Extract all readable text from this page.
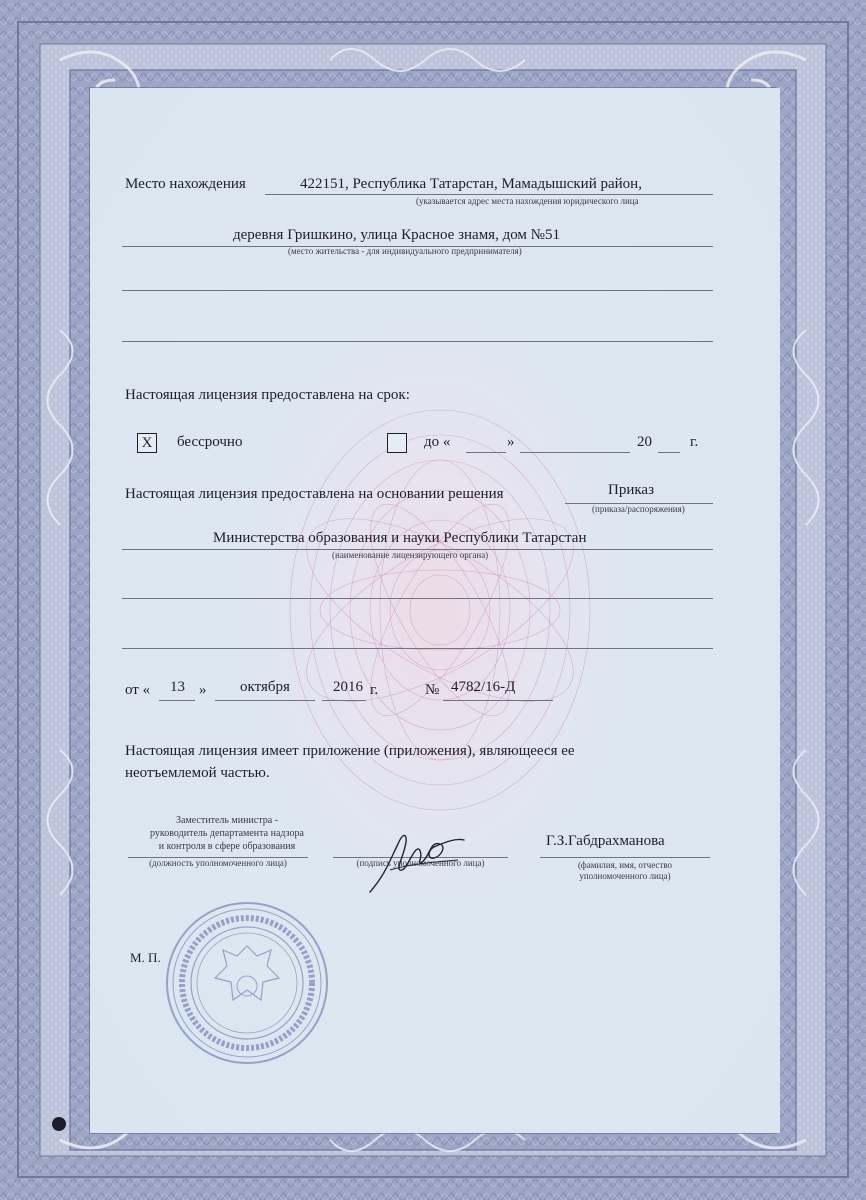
Место нахождения	422151, Республика Татарстан, Мамадышский район,
(указывается адрес места нахождения юридического лица
деревня Гришкино, улица Красное знамя, дом №51
(место жительства - для индивидуального предпринимателя)
Настоящая лицензия предоставлена на срок:
X	бессрочно	до «	»	20	г.
Настоящая лицензия предоставлена на основании решения	Приказ
(приказа/распоряжения)
Министерства образования и науки Республики Татарстан
(наименование лицензирующего органа)
от « 13 » октября	2016 г.	№ 4782/16-Д
Настоящая лицензия имеет приложение (приложения), являющееся ее
неотъемлемой частью.
Заместитель министра -
руководитель департамента надзора
и контроля в сфере образования
(должность уполномоченного лица)	(подпись уполномоченного лица)
Г.З.Габдрахманова
(фамилия, имя, отчество
уполномоченного лица)
М. П.
